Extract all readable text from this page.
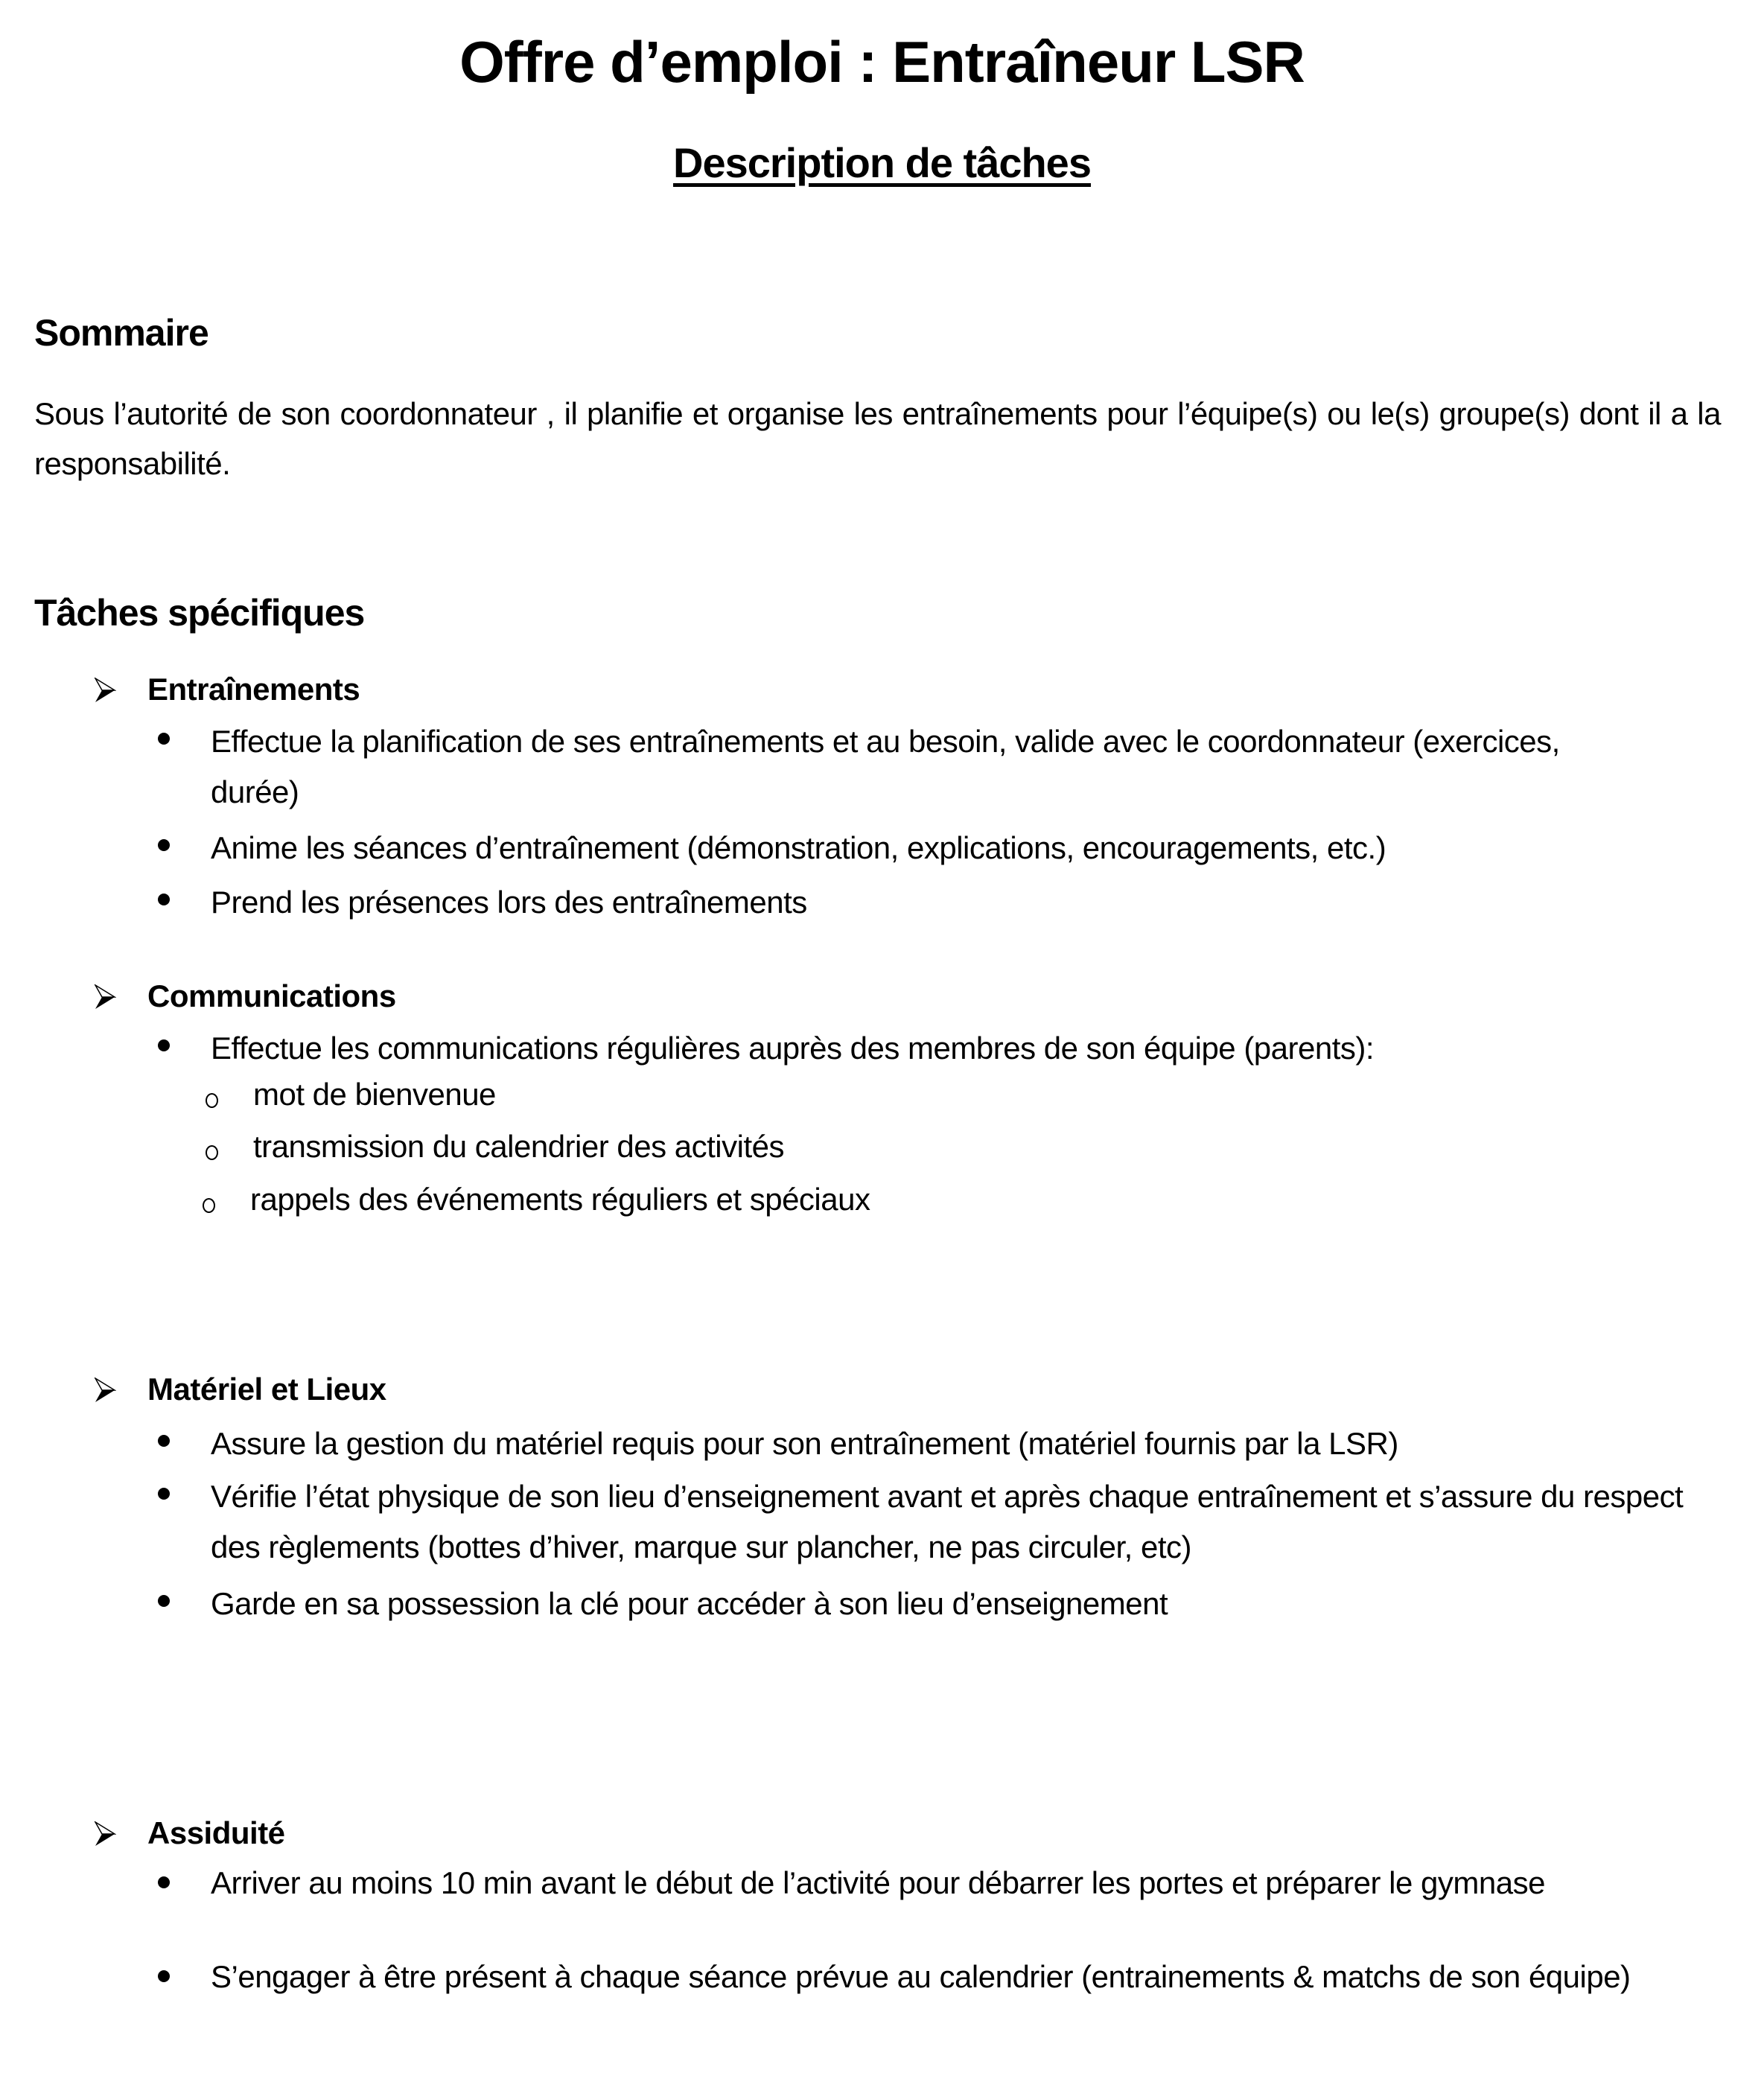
Offre d’emploi : Entraîneur LSR
Description de tâches
Sommaire
Sous l’autorité de son coordonnateur , il planifie et organise les entraînements pour l’équipe(s) ou le(s) groupe(s) dont il a la responsabilité.
Tâches spécifiques
Entraînements
Effectue la planification de ses entraînements et au besoin, valide avec le coordonnateur (exercices, durée)
Anime les séances d’entraînement (démonstration, explications, encouragements, etc.)
Prend les présences lors des entraînements
Communications
Effectue les communications régulières auprès des membres de son équipe (parents):
mot de bienvenue
transmission du calendrier des activités
rappels des événements réguliers et spéciaux
Matériel et Lieux
Assure la gestion du matériel requis pour son entraînement (matériel fournis par la LSR)
Vérifie l’état physique de son lieu d’enseignement avant et après chaque entraînement et s’assure du respect des règlements (bottes d’hiver, marque sur plancher, ne pas circuler, etc)
Garde en sa possession la clé pour accéder à son lieu d’enseignement
Assiduité
Arriver au moins 10 min avant le début de l’activité pour débarrer les portes et préparer le gymnase
S’engager à être présent à chaque séance prévue au calendrier (entrainements & matchs de son équipe)
